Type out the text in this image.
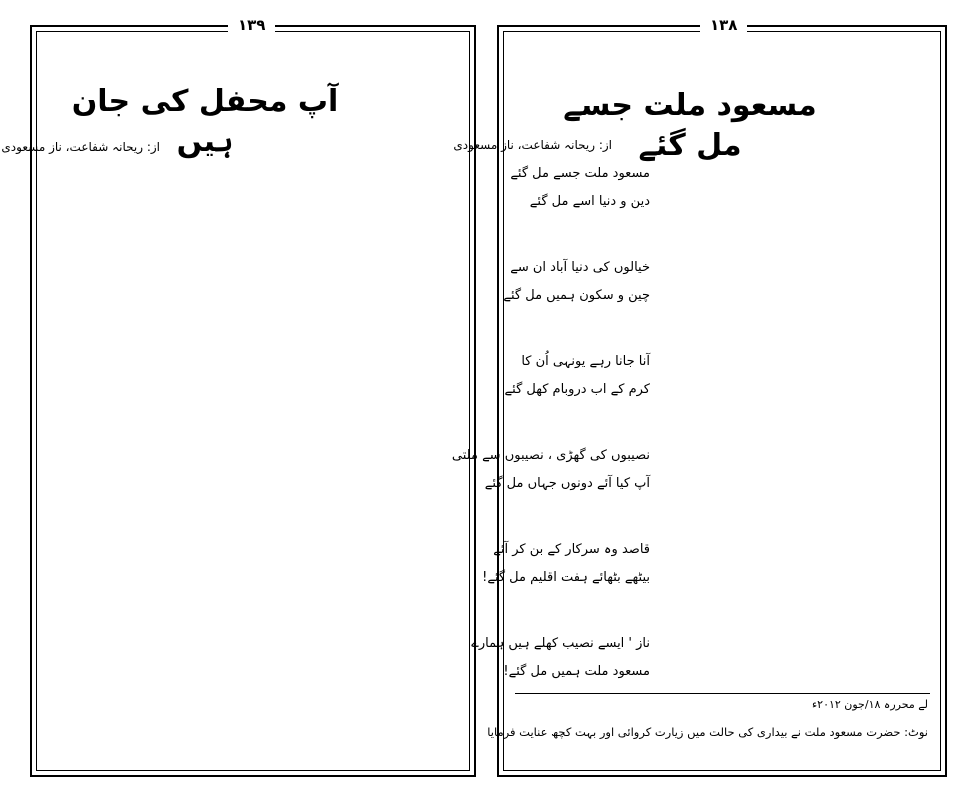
۱۳۹
آپ محفل کی جان ہیں
از: ریحانہ شفاعت، ناز مسعودی
۱۳۸
مسعود ملت جسے مل گئے
از: ریحانہ شفاعت، ناز مسعودی
مسعود ملت جسے مل گئے
دین و دنیا اسے مل گئے
خیالوں کی دنیا آباد ان سے
چین و سکون ہمیں مل گئے
آنا جانا رہے یونہی اُن کا
کرم کے اب دروبام کھل گئے
نصیبوں کی گھڑی ، نصیبوں سے ملتی
آپ کیا آئے دونوں جہاں مل گئے
قاصد وہ سرکار کے بن کر آئے
بیٹھے بٹھائے ہفت اقلیم مل گئے!
ناز ' ایسے نصیب کھلے ہیں ہمارے
مسعود ملت ہمیں مل گئے!
لے محررہ ۱۸/جون ۲۰۱۲ء
نوٹ: حضرت مسعود ملت نے بیداری کی حالت میں زیارت کروائی اور بہت کچھ عنایت فرمایا
